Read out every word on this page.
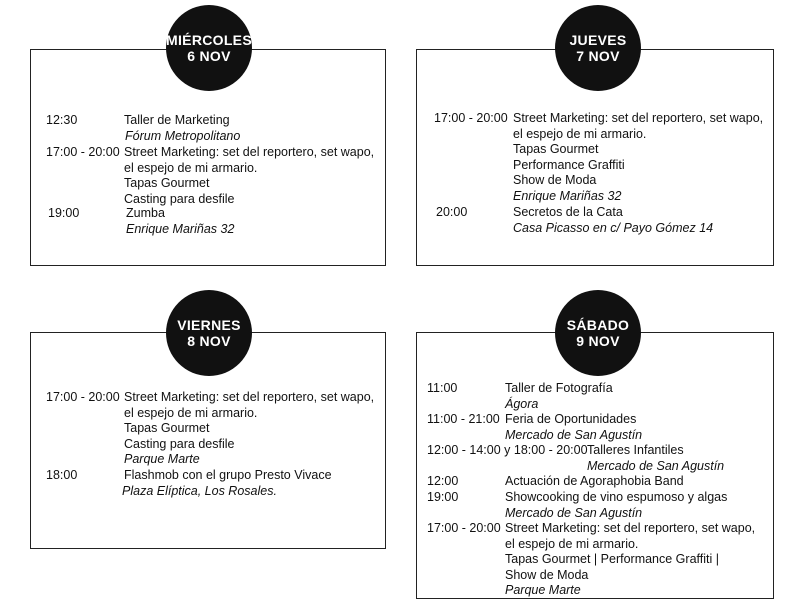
MIÉRCOLES
6 NOV
12:30	Taller de Marketing
Fórum Metropolitano
17:00 - 20:00 Street Marketing: set del reportero, set wapo,
el espejo de mi armario.
Tapas Gourmet
Casting para desfile
19:00	Zumba
Enrique Mariñas 32
JUEVES
7 NOV
17:00 - 20:00 Street Marketing: set del reportero, set wapo,
el espejo de mi armario.
Tapas Gourmet
Performance Graffiti
Show de Moda
Enrique Mariñas 32
20:00	Secretos de la Cata
Casa Picasso en c/ Payo Gómez 14
VIERNES
8 NOV
17:00 - 20:00 Street Marketing: set del reportero, set wapo,
el espejo de mi armario.
Tapas Gourmet
Casting para desfile
Parque Marte
18:00	Flashmob con el grupo Presto Vivace
Plaza Elíptica, Los Rosales.
SÁBADO
9 NOV
11:00	Taller de Fotografía
Ágora
11:00 - 21:00 Feria de Oportunidades
Mercado de San Agustín
12:00 - 14:00 y 18:00 - 20:00 Talleres Infantiles
Mercado de San Agustín
12:00	Actuación de Agoraphobia Band
19:00	Showcooking de vino espumoso y algas
Mercado de San Agustín
17:00 - 20:00 Street Marketing: set del reportero, set wapo,
el espejo de mi armario.
Tapas Gourmet | Performance Graffiti |
Show de Moda
Parque Marte
